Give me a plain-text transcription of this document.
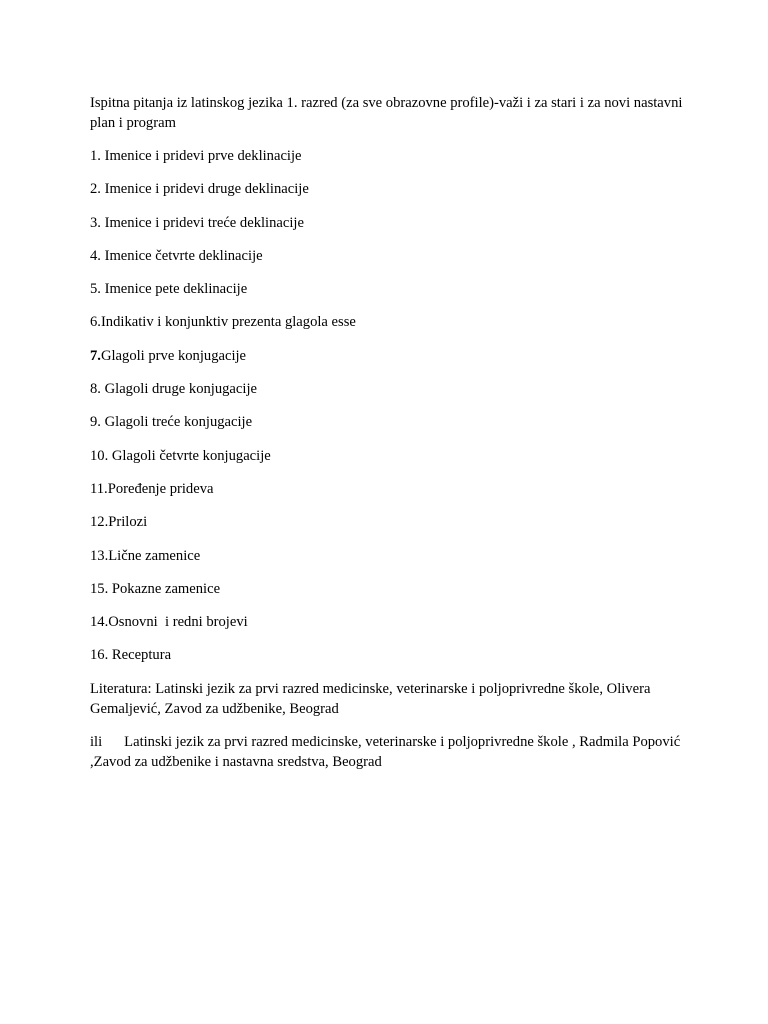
Ispitna pitanja iz latinskog jezika 1. razred (za sve obrazovne profile)-važi i za stari i za novi nastavni plan i program

1. Imenice i pridevi prve deklinacije
2. Imenice i pridevi druge deklinacije
3. Imenice i pridevi treće deklinacije
4. Imenice četvrte deklinacije
5. Imenice pete deklinacije
6.Indikativ i konjunktiv prezenta glagola esse
7.Glagoli prve konjugacije
8. Glagoli druge konjugacije
9. Glagoli treće konjugacije
10. Glagoli četvrte konjugacije
11.Poređenje prideva
12.Prilozi
13.Lične zamenice
15. Pokazne zamenice
14.Osnovni  i redni brojevi
16. Receptura

Literatura: Latinski jezik za prvi razred medicinske, veterinarske i poljoprivredne škole, Olivera Gemaljević, Zavod za udžbenike, Beograd

ili Latinski jezik za prvi razred medicinske, veterinarske i poljoprivredne škole , Radmila Popović ,Zavod za udžbenike i nastavna sredstva, Beograd
